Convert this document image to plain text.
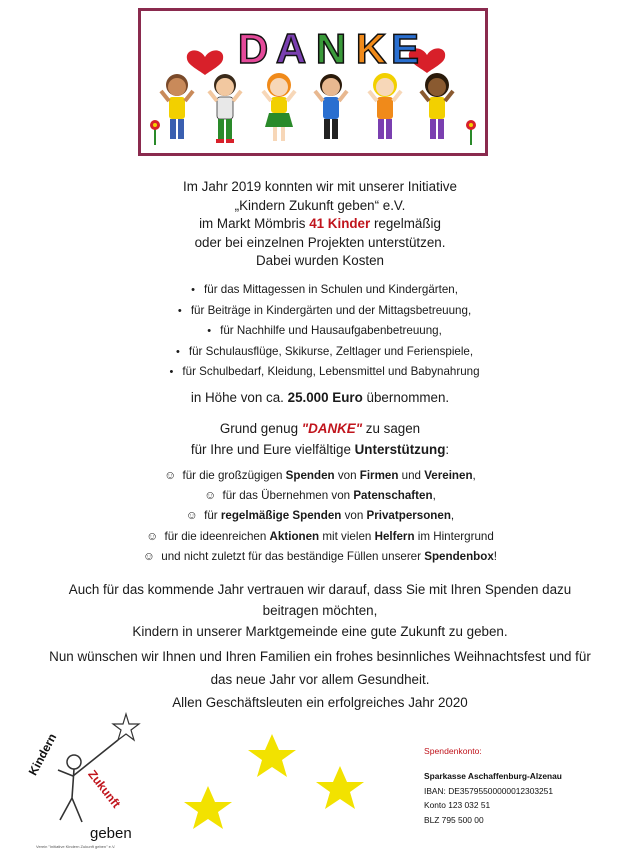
D A N K E
Im Jahr 2019 konnten wir mit unserer Initiative
„Kindern Zukunft geben“ e.V.
im Markt Mömbris 41 Kinder regelmäßig
oder bei einzelnen Projekten unterstützen.
Dabei wurden Kosten
• für das Mittagessen in Schulen und Kindergärten,
• für Beiträge in Kindergärten und der Mittagsbetreuung,
• für Nachhilfe und Hausaufgabenbetreuung,
• für Schulausflüge, Skikurse, Zeltlager und Ferienspiele,
• für Schulbedarf, Kleidung, Lebensmittel und Babynahrung
in Höhe von ca. 25.000 Euro übernommen.
Grund genug "DANKE" zu sagen
für Ihre und Eure vielfältige Unterstützung:
☺ für die großzügigen Spenden von Firmen und Vereinen,
☺ für das Übernehmen von Patenschaften,
☺ für regelmäßige Spenden von Privatpersonen,
☺ für die ideenreichen Aktionen mit vielen Helfern im Hintergrund
☺ und nicht zuletzt für das beständige Füllen unserer Spendenbox!
Auch für das kommende Jahr vertrauen wir darauf, dass Sie mit Ihren Spenden dazu
beitragen möchten,
Kindern in unserer Marktgemeinde eine gute Zukunft zu geben.
Nun wünschen wir Ihnen und Ihren Familien ein frohes besinnliches Weihnachtsfest und für
das neue Jahr vor allem Gesundheit.
Allen Geschäftsleuten ein erfolgreiches Jahr 2020
Kindern
Zukunft
geben
Verein "Initiative Kindern Zukunft geben" e.V.
Spendenkonto:
Sparkasse Aschaffenburg-Alzenau
IBAN: DE35795500000012303251
Konto 123 032 51
BLZ 795 500 00
